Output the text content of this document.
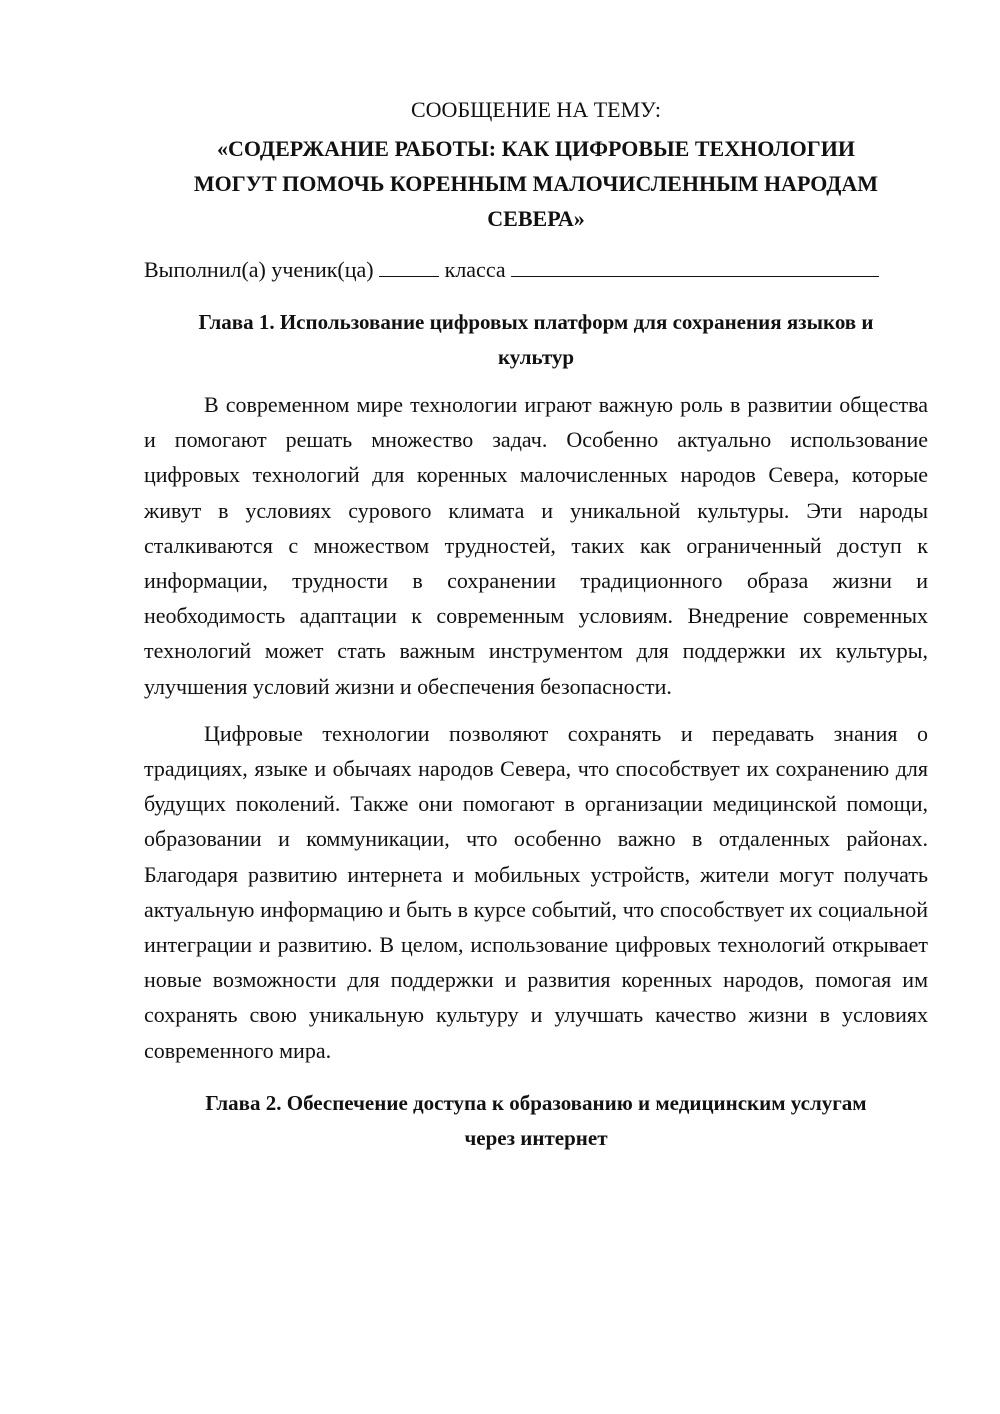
СООБЩЕНИЕ НА ТЕМУ:

«СОДЕРЖАНИЕ РАБОТЫ: КАК ЦИФРОВЫЕ ТЕХНОЛОГИИ

МОГУТ ПОМОЧЬ КОРЕННЫМ МАЛОЧИСЛЕННЫМ НАРОДАМ

СЕВЕРА»

Выполнил(а) ученик(ца)	класса

Глава 1. Использование цифровых платформ для сохранения языков и

культур

В современном мире технологии играют важную роль в развитии общества и помогают решать множество задач. Особенно актуально использование цифровых технологий для коренных малочисленных народов Севера, которые живут в условиях сурового климата и уникальной культуры. Эти народы сталкиваются с множеством трудностей, таких как ограниченный доступ к информации, трудности в сохранении традиционного образа жизни и необходимость адаптации к современным условиям. Внедрение современных технологий может стать важным инструментом для поддержки их культуры, улучшения условий жизни и обеспечения безопасности.

Цифровые технологии позволяют сохранять и передавать знания о традициях, языке и обычаях народов Севера, что способствует их сохранению для будущих поколений. Также они помогают в организации медицинской помощи, образовании и коммуникации, что особенно важно в отдаленных районах. Благодаря развитию интернета и мобильных устройств, жители могут получать актуальную информацию и быть в курсе событий, что способствует их социальной интеграции и развитию. В целом, использование цифровых технологий открывает новые возможности для поддержки и развития коренных народов, помогая им сохранять свою уникальную культуру и улучшать качество жизни в условиях современного мира.

Глава 2. Обеспечение доступа к образованию и медицинским услугам

через интернет
